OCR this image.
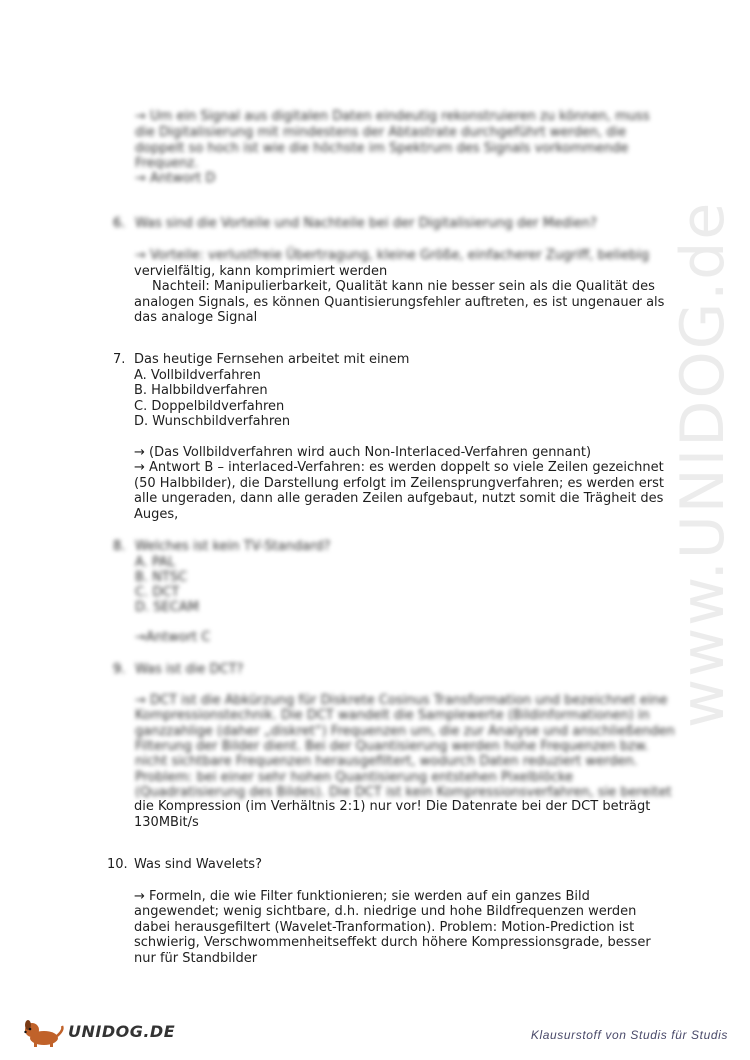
www.UNIDOG.de
→ Um ein Signal aus digitalen Daten eindeutig rekonstruieren zu können, muss
die Digitalisierung mit mindestens der Abtastrate durchgeführt werden, die
doppelt so hoch ist wie die höchste im Spektrum des Signals vorkommende
Frequenz.
→ Antwort D
6. Was sind die Vorteile und Nachteile bei der Digitalisierung der Medien?
→ Vorteile: verlustfreie Übertragung, kleine Größe, einfacherer Zugriff, beliebig
vervielfältig, kann komprimiert werden
Nachteil: Manipulierbarkeit, Qualität kann nie besser sein als die Qualität des
analogen Signals, es können Quantisierungsfehler auftreten, es ist ungenauer als
das analoge Signal
7. Das heutige Fernsehen arbeitet mit einem
A. Vollbildverfahren
B. Halbbildverfahren
C. Doppelbildverfahren
D. Wunschbildverfahren
→ (Das Vollbildverfahren wird auch Non-Interlaced-Verfahren gennant)
→ Antwort B – interlaced-Verfahren: es werden doppelt so viele Zeilen gezeichnet
(50 Halbbilder), die Darstellung erfolgt im Zeilensprungverfahren; es werden erst
alle ungeraden, dann alle geraden Zeilen aufgebaut, nutzt somit die Trägheit des
Auges,
8. Welches ist kein TV-Standard?
A. PAL
B. NTSC
C. DCT
D. SECAM
→Antwort C
9. Was ist die DCT?
→ DCT ist die Abkürzung für Diskrete Cosinus Transformation und bezeichnet eine
Kompressionstechnik. Die DCT wandelt die Samplewerte (Bildinformationen) in
ganzzahlige (daher „diskret“) Frequenzen um, die zur Analyse und anschließenden
Filterung der Bilder dient. Bei der Quantisierung werden hohe Frequenzen bzw.
nicht sichtbare Frequenzen herausgefiltert, wodurch Daten reduziert werden.
Problem: bei einer sehr hohen Quantisierung entstehen Pixelblöcke
(Quadratisierung des Bildes). Die DCT ist kein Kompressionsverfahren, sie bereitet
die Kompression (im Verhältnis 2:1) nur vor! Die Datenrate bei der DCT beträgt
130MBit/s
10. Was sind Wavelets?
→ Formeln, die wie Filter funktionieren; sie werden auf ein ganzes Bild
angewendet; wenig sichtbare, d.h. niedrige und hohe Bildfrequenzen werden
dabei herausgefiltert (Wavelet-Tranformation). Problem: Motion-Prediction ist
schwierig, Verschwommenheitseffekt durch höhere Kompressionsgrade, besser
nur für Standbilder
UNIDOG.DE	Klausurstoff von Studis für Studis
